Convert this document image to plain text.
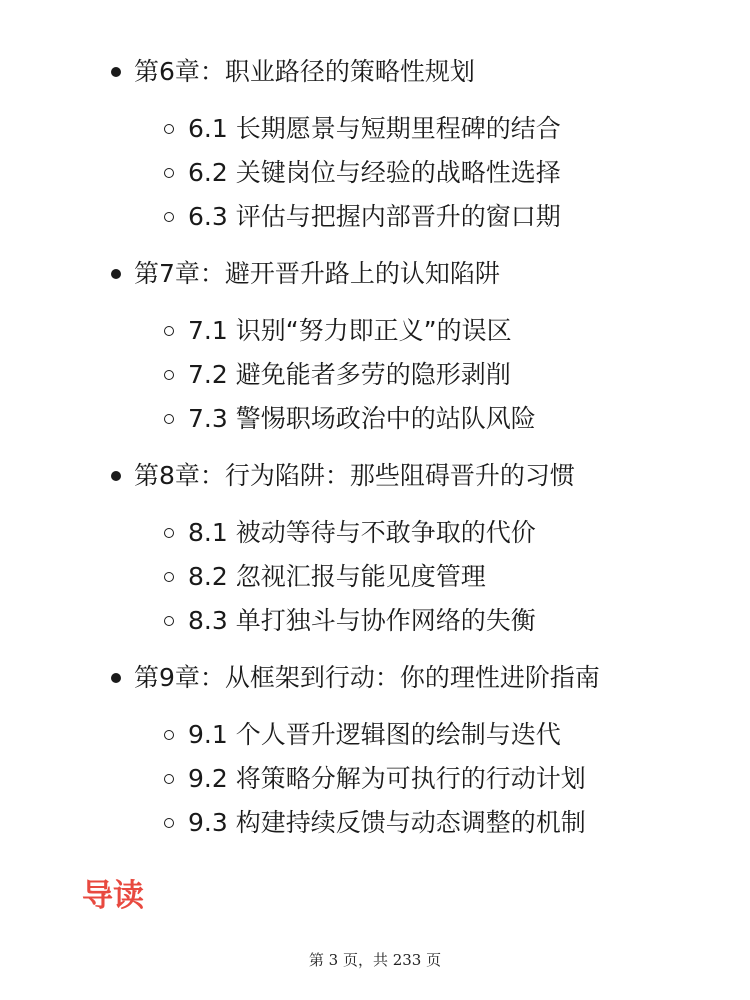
第6章：职业路径的策略性规划
6.1 长期愿景与短期里程碑的结合
6.2 关键岗位与经验的战略性选择
6.3 评估与把握内部晋升的窗口期
第7章：避开晋升路上的认知陷阱
7.1 识别“努力即正义”的误区
7.2 避免能者多劳的隐形剥削
7.3 警惕职场政治中的站队风险
第8章：行为陷阱：那些阻碍晋升的习惯
8.1 被动等待与不敢争取的代价
8.2 忽视汇报与能见度管理
8.3 单打独斗与协作网络的失衡
第9章：从框架到行动：你的理性进阶指南
9.1 个人晋升逻辑图的绘制与迭代
9.2 将策略分解为可执行的行动计划
9.3 构建持续反馈与动态调整的机制
导读
第 3 页，共 233 页
